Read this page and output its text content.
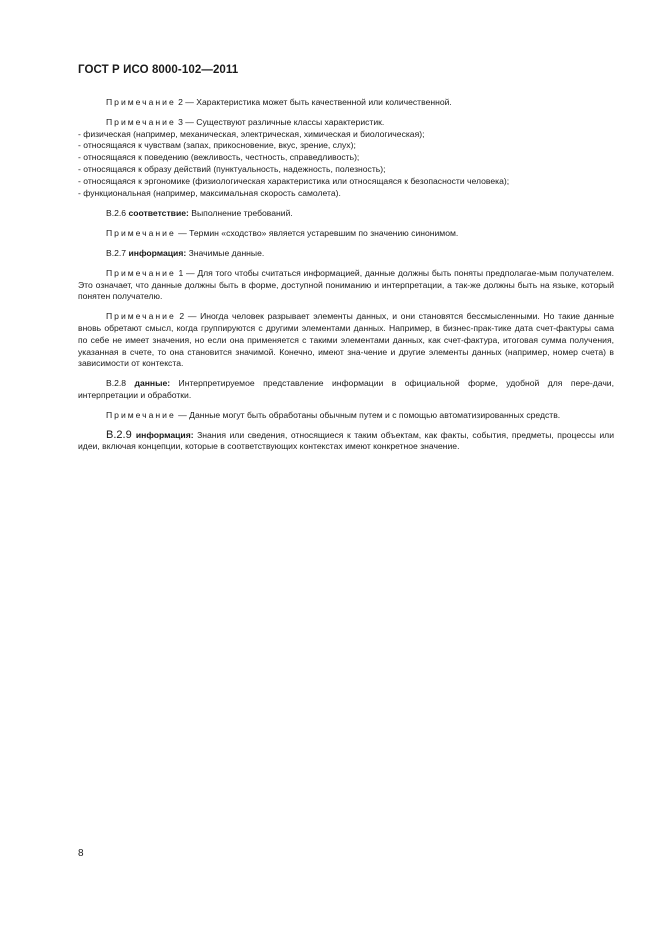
ГОСТ Р ИСО 8000-102—2011

Примечание 2 — Характеристика может быть качественной или количественной.

Примечание 3 — Существуют различные классы характеристик.

- физическая (например, механическая, электрическая, химическая и биологическая);
- относящаяся к чувствам (запах, прикосновение, вкус, зрение, слух);
- относящаяся к поведению (вежливость, честность, справедливость);
- относящаяся к образу действий (пунктуальность, надежность, полезность);
- относящаяся к эргономике (физиологическая характеристика или относящаяся к безопасности человека);
- функциональная (например, максимальная скорость самолета).

В.2.6 соответствие: Выполнение требований.

Примечание — Термин «сходство» является устаревшим по значению синонимом.

В.2.7 информация: Значимые данные.

Примечание 1 — Для того чтобы считаться информацией, данные должны быть поняты предполагае-мым получателем. Это означает, что данные должны быть в форме, доступной пониманию и интерпретации, а так-же должны быть на языке, который понятен получателю.

Примечание 2 — Иногда человек разрывает элементы данных, и они становятся бессмысленными. Но такие данные вновь обретают смысл, когда группируются с другими элементами данных. Например, в бизнес-прак-тике дата счет-фактуры сама по себе не имеет значения, но если она применяется с такими элементами данных, как счет-фактура, итоговая сумма получения, указанная в счете, то она становится значимой. Конечно, имеют зна-чение и другие элементы данных (например, номер счета) в зависимости от контекста.

В.2.8 данные: Интерпретируемое представление информации в официальной форме, удобной для пере-дачи, интерпретации и обработки.

Примечание — Данные могут быть обработаны обычным путем и с помощью автоматизированных средств.

В.2.9 информация: Знания или сведения, относящиеся к таким объектам, как факты, события, предметы, процессы или идеи, включая концепции, которые в соответствующих контекстах имеют конкретное значение.

8
